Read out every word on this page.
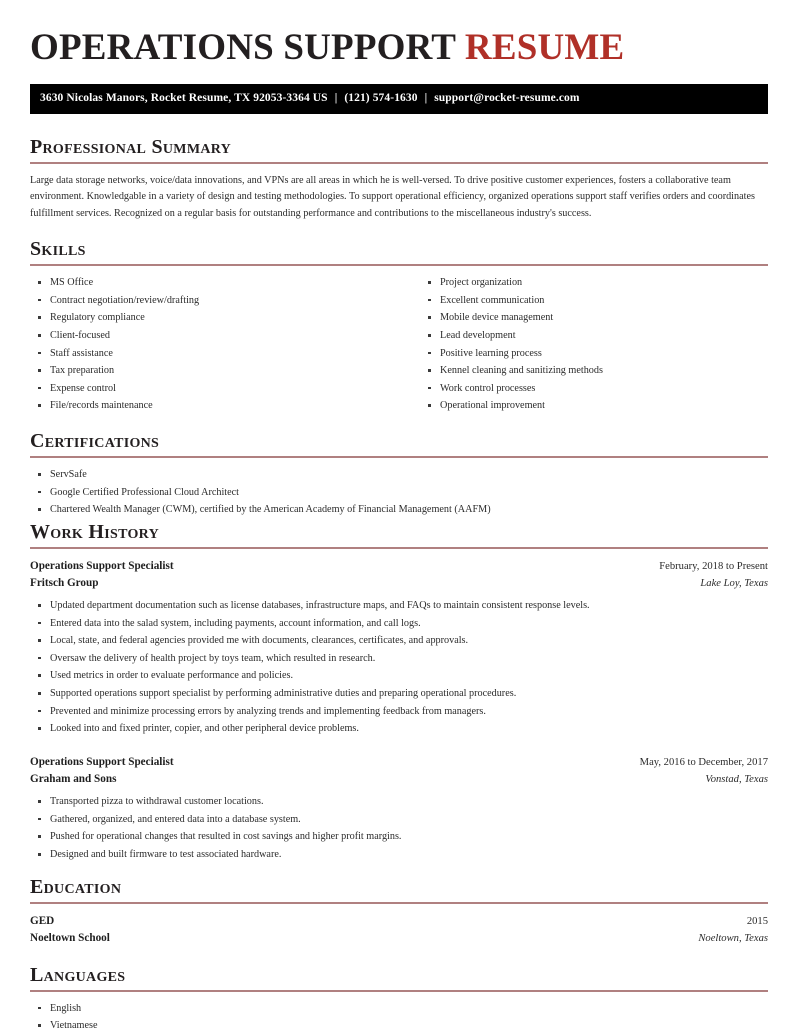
OPERATIONS SUPPORT RESUME
3630 Nicolas Manors, Rocket Resume, TX 92053-3364 US | (121) 574-1630 | support@rocket-resume.com
Professional Summary

Large data storage networks, voice/data innovations, and VPNs are all areas in which he is well-versed. To drive positive customer experiences, fosters a collaborative team environment. Knowledgable in a variety of design and testing methodologies. To support operational efficiency, organized operations support staff verifies orders and coordinates fulfillment services. Recognized on a regular basis for outstanding performance and contributions to the miscellaneous industry's success.

Skills
MS Office
Contract negotiation/review/drafting
Regulatory compliance
Client-focused
Staff assistance
Tax preparation
Expense control
File/records maintenance
Project organization
Excellent communication
Mobile device management
Lead development
Positive learning process
Kennel cleaning and sanitizing methods
Work control processes
Operational improvement
Certifications
ServSafe
Google Certified Professional Cloud Architect
Chartered Wealth Manager (CWM), certified by the American Academy of Financial Management (AAFM)
Work History
Operations Support Specialist	February, 2018 to Present
Fritsch Group	Lake Loy, Texas
Updated department documentation such as license databases, infrastructure maps, and FAQs to maintain consistent response levels.
Entered data into the salad system, including payments, account information, and call logs.
Local, state, and federal agencies provided me with documents, clearances, certificates, and approvals.
Oversaw the delivery of health project by toys team, which resulted in research.
Used metrics in order to evaluate performance and policies.
Supported operations support specialist by performing administrative duties and preparing operational procedures.
Prevented and minimize processing errors by analyzing trends and implementing feedback from managers.
Looked into and fixed printer, copier, and other peripheral device problems.
Operations Support Specialist	May, 2016 to December, 2017
Graham and Sons	Vonstad, Texas
Transported pizza to withdrawal customer locations.
Gathered, organized, and entered data into a database system.
Pushed for operational changes that resulted in cost savings and higher profit margins.
Designed and built firmware to test associated hardware.
Education
GED	2015
Noeltown School	Noeltown, Texas
Languages
English
Vietnamese
